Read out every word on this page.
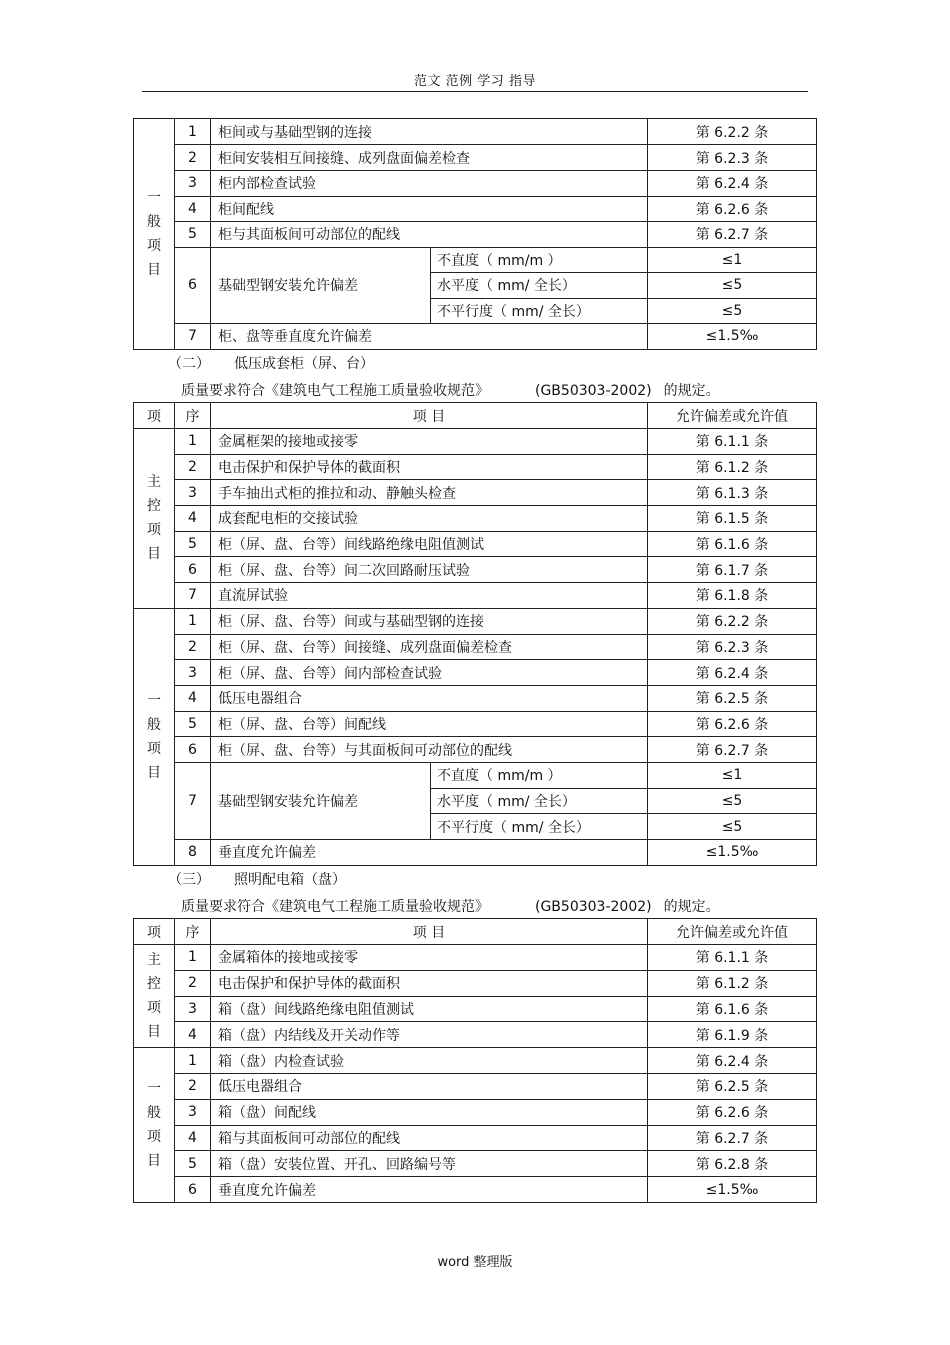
范文 范例 学习 指导
一般项目	1	柜间或与基础型钢的连接		第 6.2.2 条
	2	柜间安装相互间接缝、成列盘面偏差检查		第 6.2.3 条
	3	柜内部检查试验		第 6.2.4 条
	4	柜间配线		第 6.2.6 条
	5	柜与其面板间可动部位的配线		第 6.2.7 条
	6	基础型钢安装允许偏差	不直度（ mm/m ）	≤1
			水平度（ mm/ 全长）	≤5
			不平行度（ mm/ 全长）	≤5
	7	柜、盘等垂直度允许偏差		≤1.5‰
（二） 低压成套柜（屏、台）
质量要求符合《建筑电气工程施工质量验收规范》	(GB50303-2002) 的规定。
项	序	项 目		允许偏差或允许值
主控项目	1	金属框架的接地或接零		第 6.1.1 条
	2	电击保护和保护导体的截面积		第 6.1.2 条
	3	手车抽出式柜的推拉和动、静触头检查		第 6.1.3 条
	4	成套配电柜的交接试验		第 6.1.5 条
	5	柜（屏、盘、台等）间线路绝缘电阻值测试		第 6.1.6 条
	6	柜（屏、盘、台等）间二次回路耐压试验		第 6.1.7 条
	7	直流屏试验		第 6.1.8 条
一般项目	1	柜（屏、盘、台等）间或与基础型钢的连接		第 6.2.2 条
	2	柜（屏、盘、台等）间接缝、成列盘面偏差检查		第 6.2.3 条
	3	柜（屏、盘、台等）间内部检查试验		第 6.2.4 条
	4	低压电器组合		第 6.2.5 条
	5	柜（屏、盘、台等）间配线		第 6.2.6 条
	6	柜（屏、盘、台等）与其面板间可动部位的配线		第 6.2.7 条
	7	基础型钢安装允许偏差	不直度（ mm/m ）	≤1
			水平度（ mm/ 全长）	≤5
			不平行度（ mm/ 全长）	≤5
	8	垂直度允许偏差		≤1.5‰
（三） 照明配电箱（盘）
质量要求符合《建筑电气工程施工质量验收规范》	(GB50303-2002) 的规定。
项	序	项 目	允许偏差或允许值
主控项目	1	金属箱体的接地或接零	第 6.1.1 条
	2	电击保护和保护导体的截面积	第 6.1.2 条
	3	箱（盘）间线路绝缘电阻值测试	第 6.1.6 条
	4	箱（盘）内结线及开关动作等	第 6.1.9 条
一般项目	1	箱（盘）内检查试验	第 6.2.4 条
	2	低压电器组合	第 6.2.5 条
	3	箱（盘）间配线	第 6.2.6 条
	4	箱与其面板间可动部位的配线	第 6.2.7 条
	5	箱（盘）安装位置、开孔、回路编号等	第 6.2.8 条
	6	垂直度允许偏差	≤1.5‰
word 整理版
